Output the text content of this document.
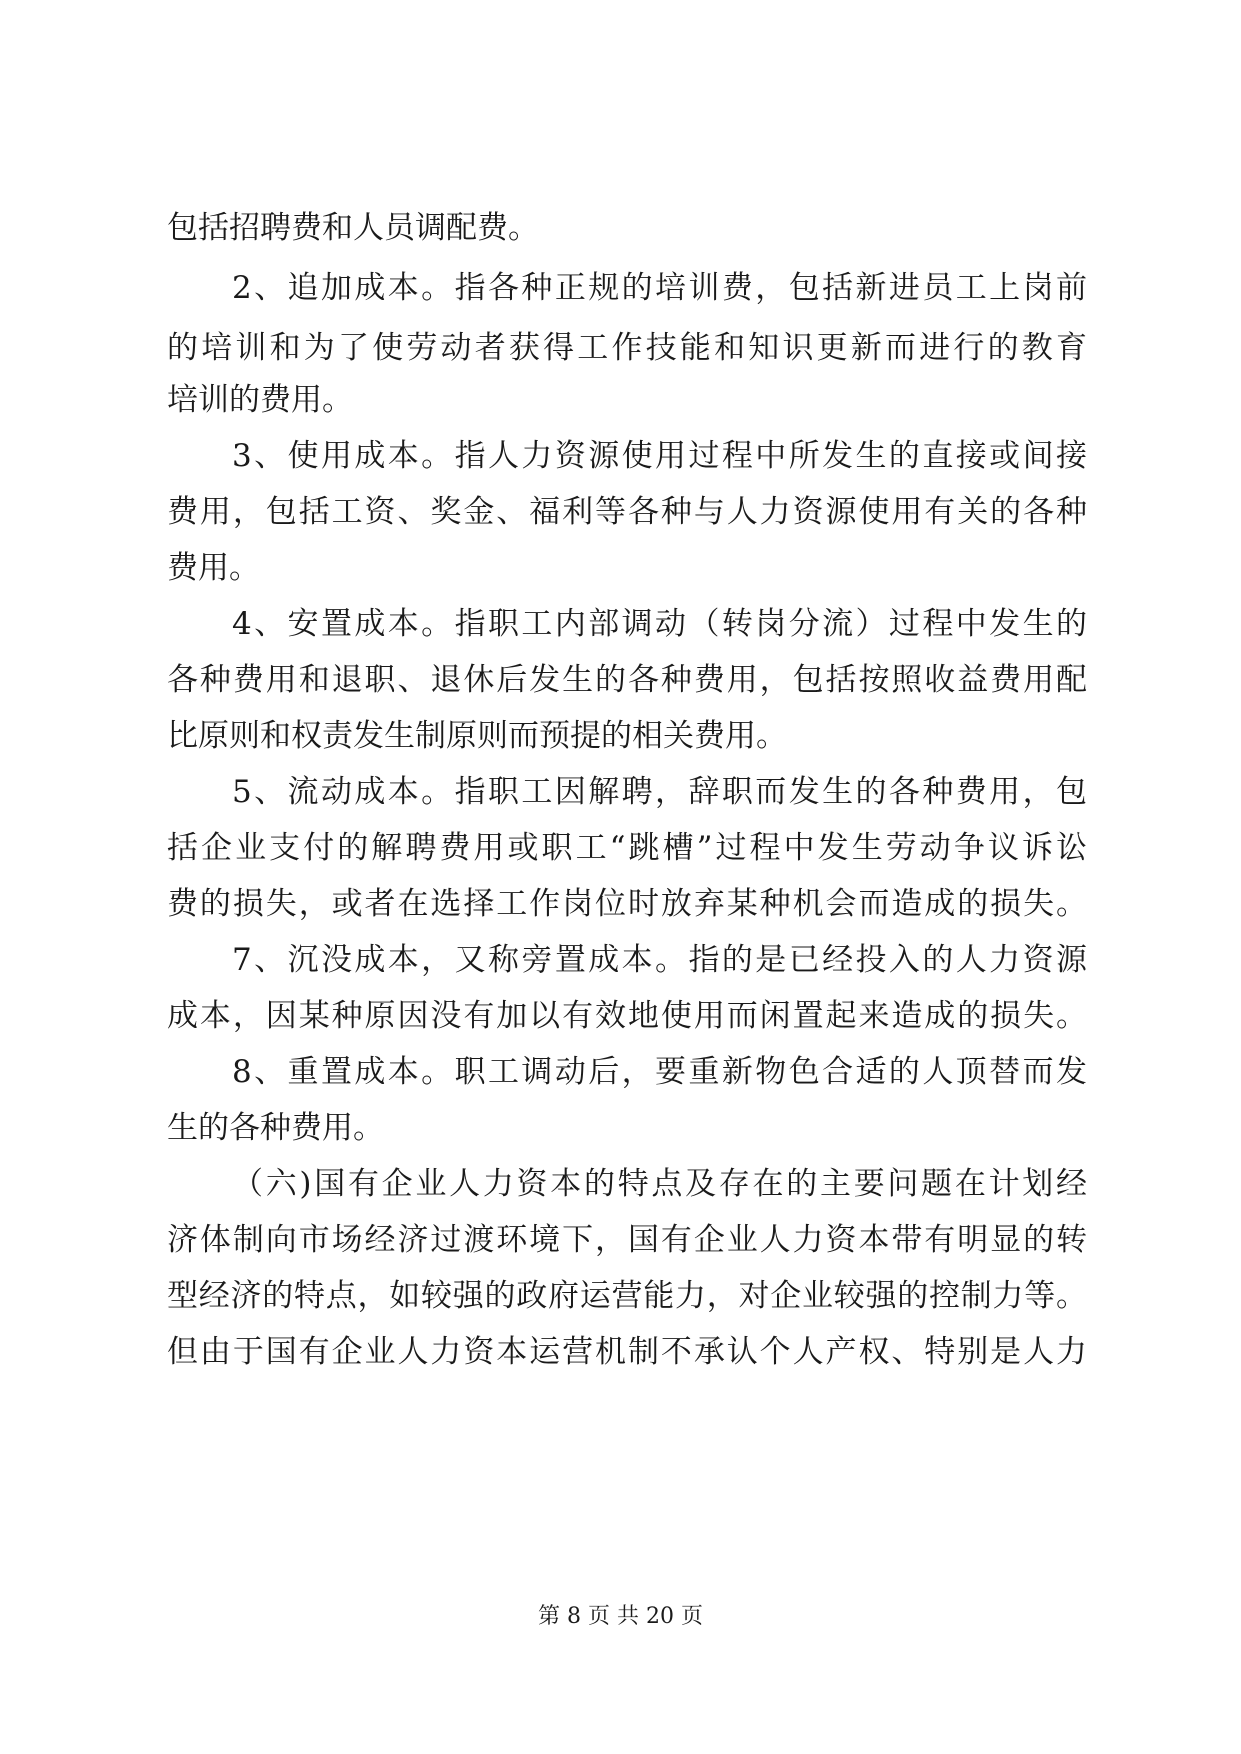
包括招聘费和人员调配费。
2、追加成本。指各种正规的培训费，包括新进员工上岗前
的培训和为了使劳动者获得工作技能和知识更新而进行的教育
培训的费用。
3、使用成本。指人力资源使用过程中所发生的直接或间接
费用，包括工资、奖金、福利等各种与人力资源使用有关的各种
费用。
4、安置成本。指职工内部调动（转岗分流）过程中发生的
各种费用和退职、退休后发生的各种费用，包括按照收益费用配
比原则和权责发生制原则而预提的相关费用。
5、流动成本。指职工因解聘，辞职而发生的各种费用，包
括企业支付的解聘费用或职工“跳槽”过程中发生劳动争议诉讼
费的损失，或者在选择工作岗位时放弃某种机会而造成的损失。
7、沉没成本，又称旁置成本。指的是已经投入的人力资源
成本，因某种原因没有加以有效地使用而闲置起来造成的损失。
8、重置成本。职工调动后，要重新物色合适的人顶替而发
生的各种费用。
（六)国有企业人力资本的特点及存在的主要问题在计划经
济体制向市场经济过渡环境下，国有企业人力资本带有明显的转
型经济的特点，如较强的政府运营能力，对企业较强的控制力等。
但由于国有企业人力资本运营机制不承认个人产权、特别是人力
第 8 页 共 20 页
